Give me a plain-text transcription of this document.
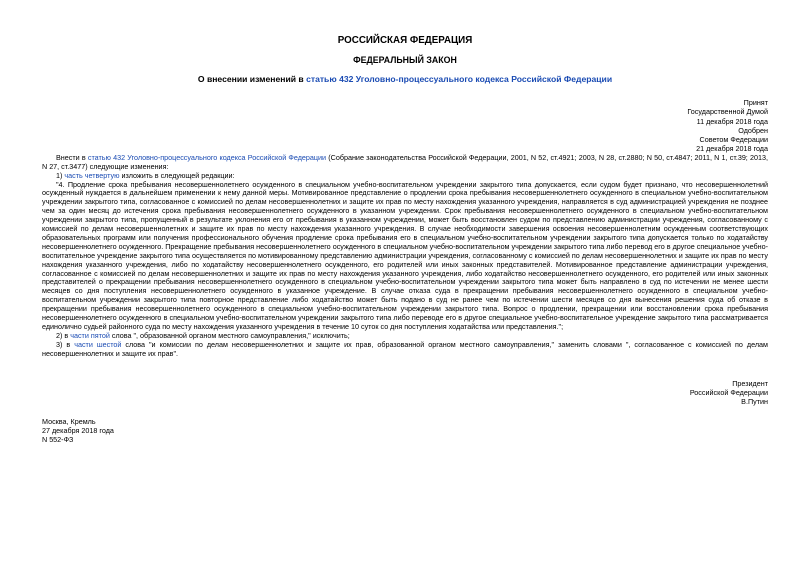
РОССИЙСКАЯ ФЕДЕРАЦИЯ
ФЕДЕРАЛЬНЫЙ ЗАКОН
О внесении изменений в статью 432 Уголовно-процессуального кодекса Российской Федерации
Принят
Государственной Думой
11 декабря 2018 года
Одобрен
Советом Федерации
21 декабря 2018 года

Внести в статью 432 Уголовно-процессуального кодекса Российской Федерации (Собрание законодательства Российской Федерации, 2001, N 52, ст.4921; 2003, N 28, ст.2880; N 50, ст.4847; 2011, N 1, ст.39; 2013, N 27, ст.3477) следующие изменения:

1) часть четвертую изложить в следующей редакции:

"4. Продление срока пребывания несовершеннолетнего осужденного в специальном учебно-воспитательном учреждении закрытого типа допускается, если судом будет признано, что несовершеннолетний осужденный нуждается в дальнейшем применении к нему данной меры. Мотивированное представление о продлении срока пребывания несовершеннолетнего осужденного в специальном учебно-воспитательном учреждении закрытого типа, согласованное с комиссией по делам несовершеннолетних и защите их прав по месту нахождения указанного учреждения, направляется в суд администрацией учреждения не позднее чем за один месяц до истечения срока пребывания несовершеннолетнего осужденного в указанном учреждении. Срок пребывания несовершеннолетнего осужденного в специальном учебно-воспитательном учреждении закрытого типа, пропущенный в результате уклонения его от пребывания в указанном учреждении, может быть восстановлен судом по представлению администрации учреждения, согласованному с комиссией по делам несовершеннолетних и защите их прав по месту нахождения указанного учреждения. В случае необходимости завершения освоения несовершеннолетним осужденным соответствующих образовательных программ или получения профессионального обучения продление срока пребывания его в специальном учебно-воспитательном учреждении закрытого типа допускается только по ходатайству несовершеннолетнего осужденного. Прекращение пребывания несовершеннолетнего осужденного в специальном учебно-воспитательном учреждении закрытого типа либо перевод его в другое специальное учебно-воспитательное учреждение закрытого типа осуществляется по мотивированному представлению администрации учреждения, согласованному с комиссией по делам несовершеннолетних и защите их прав по месту нахождения указанного учреждения, либо по ходатайству несовершеннолетнего осужденного, его родителей или иных законных представителей. Мотивированное представление администрации учреждения, согласованное с комиссией по делам несовершеннолетних и защите их прав по месту нахождения указанного учреждения, либо ходатайство несовершеннолетнего осужденного, его родителей или иных законных представителей о прекращении пребывания несовершеннолетнего осужденного в специальном учебно-воспитательном учреждении закрытого типа может быть направлено в суд по истечении не менее шести месяцев со дня поступления несовершеннолетнего осужденного в указанное учреждение. В случае отказа суда в прекращении пребывания несовершеннолетнего осужденного в специальном учебно-воспитательном учреждении закрытого типа повторное представление либо ходатайство может быть подано в суд не ранее чем по истечении шести месяцев со дня вынесения решения суда об отказе в прекращении пребывания несовершеннолетнего осужденного в специальном учебно-воспитательном учреждении закрытого типа. Вопрос о продлении, прекращении или восстановлении срока пребывания несовершеннолетнего осужденного в специальном учебно-воспитательном учреждении закрытого типа либо переводе его в другое специальное учебно-воспитательное учреждение закрытого типа рассматривается единолично судьей районного суда по месту нахождения указанного учреждения в течение 10 суток со дня поступления ходатайства или представления.";

2) в части пятой слова ", образованной органом местного самоуправления," исключить;

3) в части шестой слова "и комиссии по делам несовершеннолетних и защите их прав, образованной органом местного самоуправления," заменить словами ", согласованное с комиссией по делам несовершеннолетних и защите их прав".

Президент
Российской Федерации
В.Путин
Москва, Кремль
27 декабря 2018 года
N 552-ФЗ
